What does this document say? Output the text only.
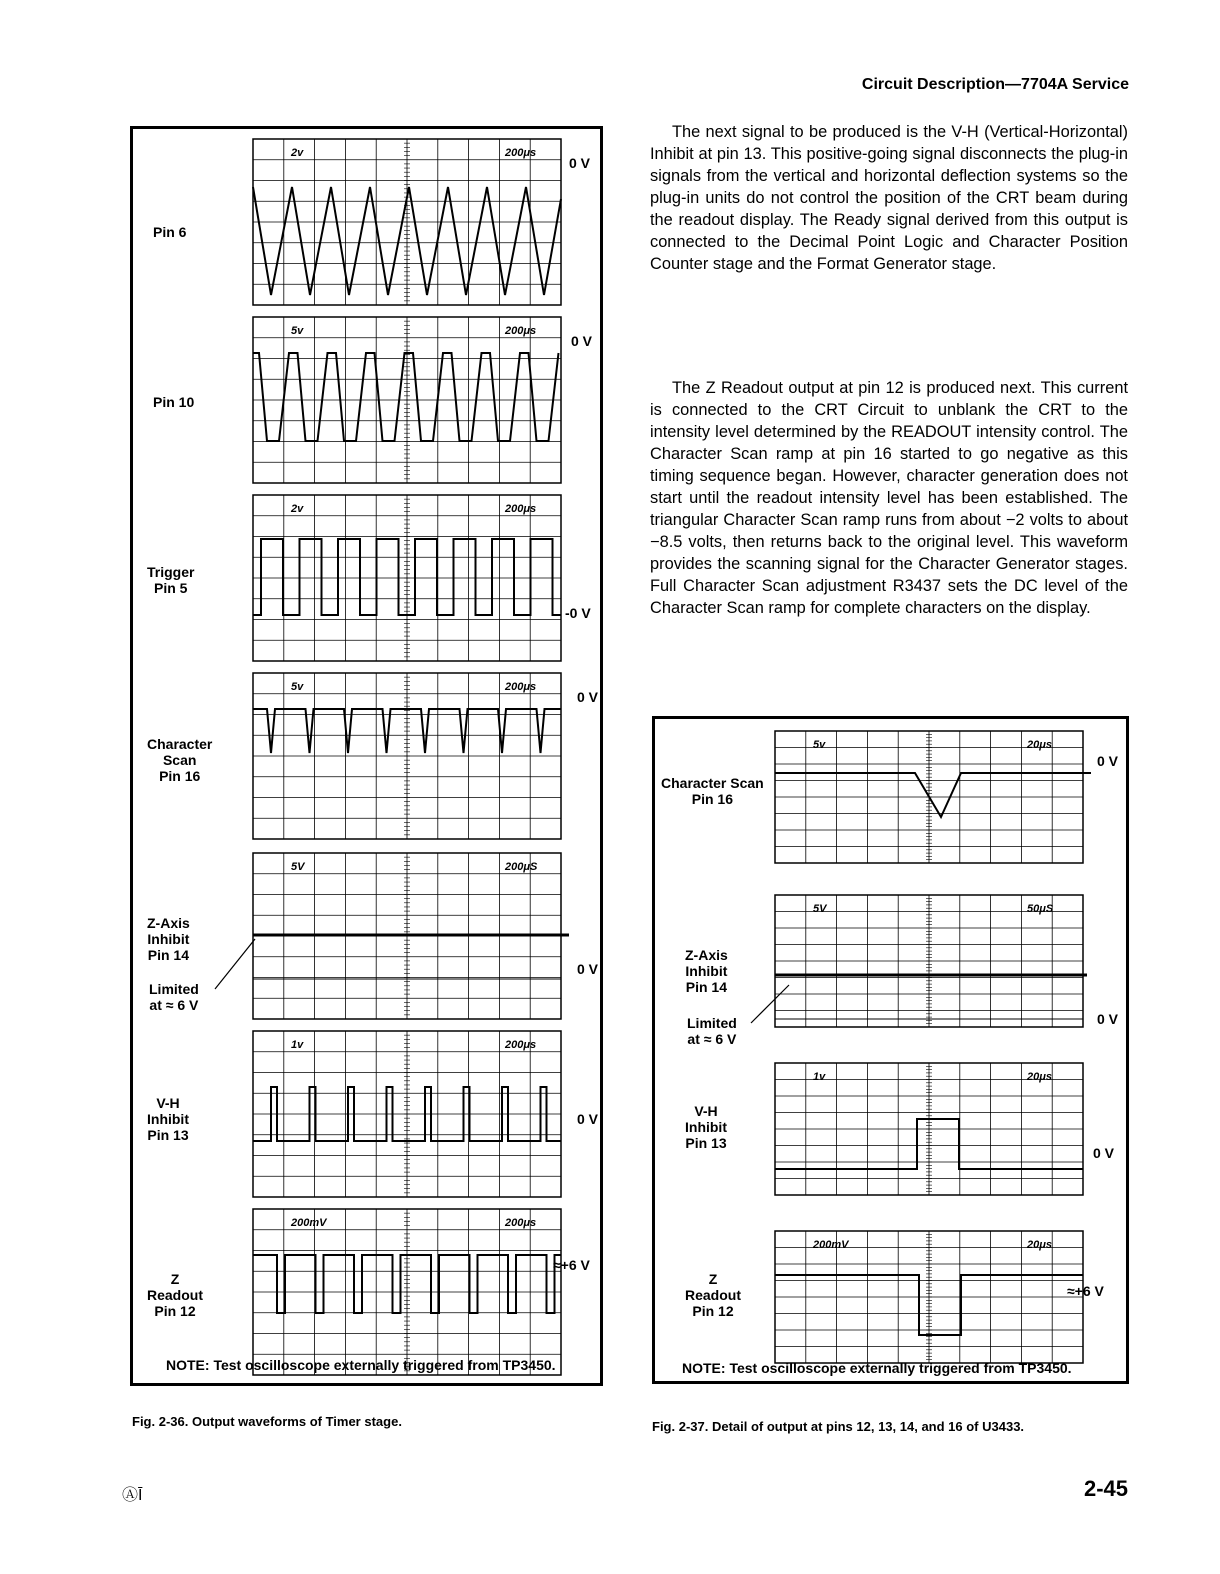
Circuit Description—7704A Service
2v	200μs
Pin 6
5v	200μs
Pin 10
2v	200μs
Trigger
Pin 5
5v	200μs
Character
Scan
Pin 16
5V	200μS
Z-Axis
Inhibit
Pin 14
1v	200μs
V-H
Inhibit
Pin 13
200mV	200μs
Z
Readout
Pin 12
Limited
at ≈ 6 V
0 V
0 V
-0 V
0 V
0 V
0 V
≈+6 V
NOTE: Test oscilloscope externally triggered from TP3450.
Fig. 2-36. Output waveforms of Timer stage.

The next signal to be produced is the V-H (Vertical-Horizontal) Inhibit at pin 13. This positive-going signal disconnects the plug-in signals from the vertical and horizontal deflection systems so the plug-in units do not control the position of the CRT beam during the readout display. The Ready signal derived from this output is connected to the Decimal Point Logic and Character Position Counter stage and the Format Generator stage.

The Z Readout output at pin 12 is produced next. This current is connected to the CRT Circuit to unblank the CRT to the intensity level determined by the READOUT intensity control. The Character Scan ramp at pin 16 started to go negative as this timing sequence began. However, character generation does not start until the readout intensity level has been established. The triangular Character Scan ramp runs from about −2 volts to about −8.5 volts, then returns back to the original level. This waveform provides the scanning signal for the Character Generator stages. Full Character Scan adjustment R3437 sets the DC level of the Character Scan ramp for complete characters on the display.

5v	20μs
Character Scan
Pin 16
5V	50μS
Z-Axis
Inhibit
Pin 14
1v	20μs
V-H
Inhibit
Pin 13
200mV	20μs
Z
Readout
Pin 12
Limited
at ≈ 6 V
0 V
0 V
0 V
≈+6 V
NOTE: Test oscilloscope externally triggered from TP3450.
Fig. 2-37. Detail of output at pins 12, 13, 14, and 16 of U3433.
ⒶĪ	2-45
